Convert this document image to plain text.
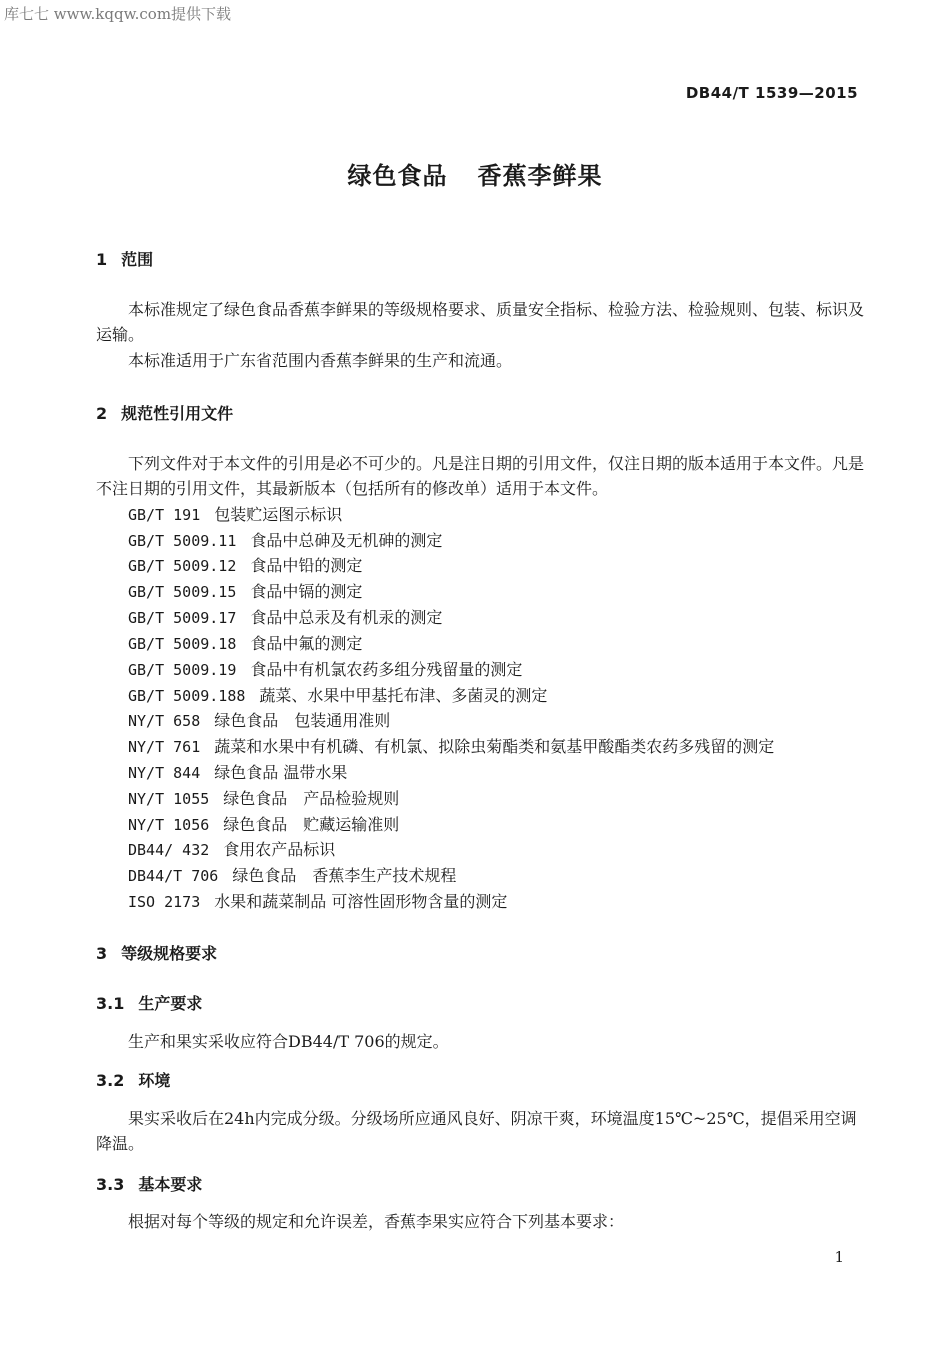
库七七 www.kqqw.com提供下载
DB44/T 1539—2015
绿色食品 香蕉李鲜果
1 范围
本标准规定了绿色食品香蕉李鲜果的等级规格要求、质量安全指标、检验方法、检验规则、包装、标识及运输。
本标准适用于广东省范围内香蕉李鲜果的生产和流通。
2 规范性引用文件
下列文件对于本文件的引用是必不可少的。凡是注日期的引用文件，仅注日期的版本适用于本文件。凡是不注日期的引用文件，其最新版本（包括所有的修改单）适用于本文件。
GB/T 191 包装贮运图示标识
GB/T 5009.11 食品中总砷及无机砷的测定
GB/T 5009.12 食品中铅的测定
GB/T 5009.15 食品中镉的测定
GB/T 5009.17 食品中总汞及有机汞的测定
GB/T 5009.18 食品中氟的测定
GB/T 5009.19 食品中有机氯农药多组分残留量的测定
GB/T 5009.188 蔬菜、水果中甲基托布津、多菌灵的测定
NY/T 658 绿色食品　包装通用准则
NY/T 761 蔬菜和水果中有机磷、有机氯、拟除虫菊酯类和氨基甲酸酯类农药多残留的测定
NY/T 844 绿色食品 温带水果
NY/T 1055 绿色食品　产品检验规则
NY/T 1056 绿色食品　贮藏运输准则
DB44/ 432 食用农产品标识
DB44/T 706 绿色食品　香蕉李生产技术规程
ISO 2173 水果和蔬菜制品 可溶性固形物含量的测定
3 等级规格要求
3.1 生产要求
生产和果实采收应符合DB44/T 706的规定。
3.2 环境
果实采收后在24h内完成分级。分级场所应通风良好、阴凉干爽，环境温度15℃~25℃，提倡采用空调降温。
3.3 基本要求
根据对每个等级的规定和允许误差，香蕉李果实应符合下列基本要求：
1
